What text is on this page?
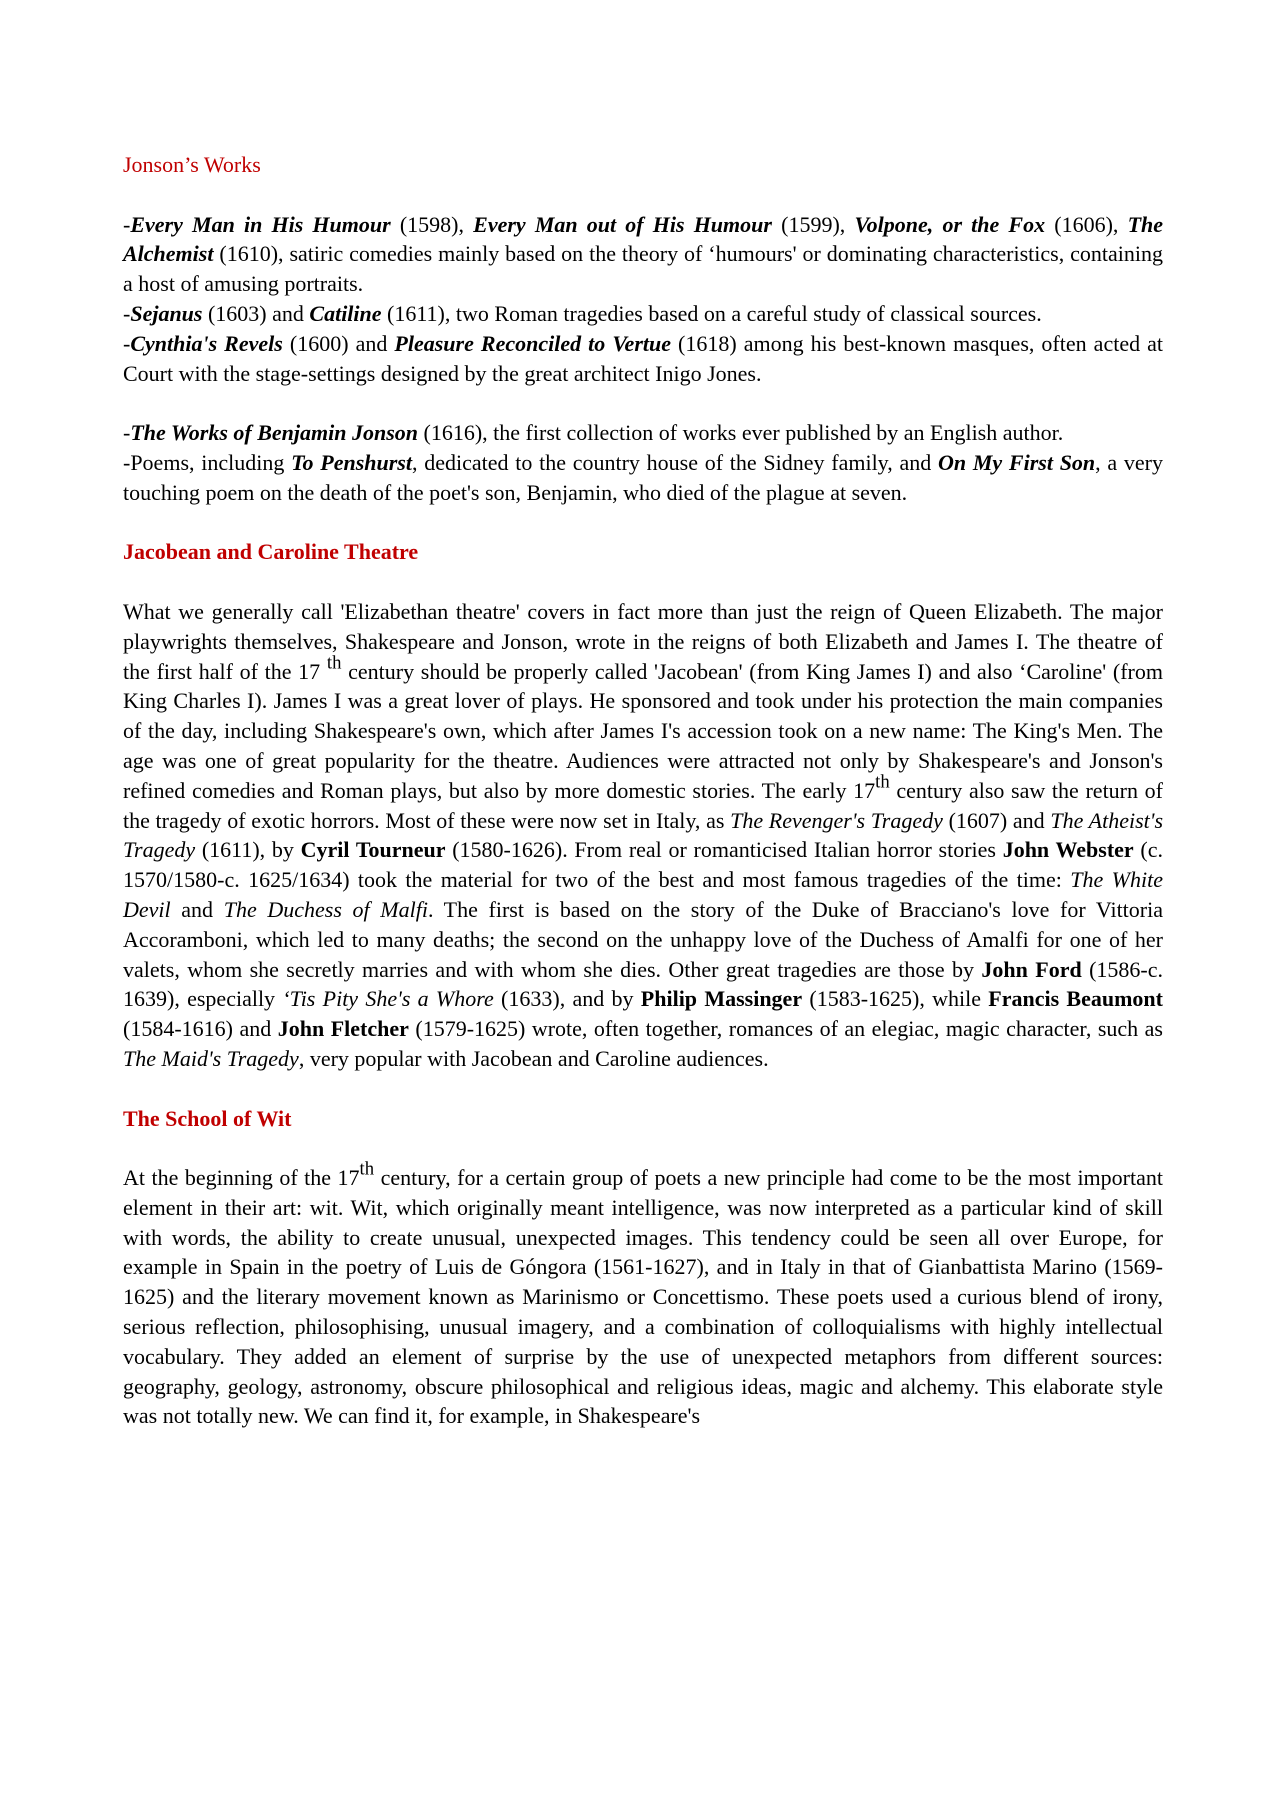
Jonson’s Works

-Every Man in His Humour (1598), Every Man out of His Humour (1599), Volpone, or the Fox (1606), The Alchemist (1610), satiric comedies mainly based on the theory of ‘humours' or dominating characteristics, containing a host of amusing portraits.

-Sejanus (1603) and Catiline (1611), two Roman tragedies based on a careful study of classical sources.

-Cynthia's Revels (1600) and Pleasure Reconciled to Vertue (1618) among his best-known masques, often acted at Court with the stage-settings designed by the great architect Inigo Jones.

-The Works of Benjamin Jonson (1616), the first collection of works ever published by an English author.

-Poems, including To Penshurst, dedicated to the country house of the Sidney family, and On My First Son, a very touching poem on the death of the poet's son, Benjamin, who died of the plague at seven.

Jacobean and Caroline Theatre

What we generally call 'Elizabethan theatre' covers in fact more than just the reign of Queen Elizabeth. The major playwrights themselves, Shakespeare and Jonson, wrote in the reigns of both Elizabeth and James I. The theatre of the first half of the 17 $^{th}$ century should be properly called 'Jacobean' (from King James I) and also ‘Caroline' (from King Charles I). James I was a great lover of plays. He sponsored and took under his protection the main companies of the day, including Shakespeare's own, which after James I's accession took on a new name: The King's Men. The age was one of great popularity for the theatre. Audiences were attracted not only by Shakespeare's and Jonson's refined comedies and Roman plays, but also by more domestic stories. The early 17th century also saw the return of the tragedy of exotic horrors. Most of these were now set in Italy, as The Revenger's Tragedy (1607) and The Atheist's Tragedy (1611), by Cyril Tourneur (1580-1626). From real or romanticised Italian horror stories John Webster (c. 1570/1580-c. 1625/1634) took the material for two of the best and most famous tragedies of the time: The White Devil and The Duchess of Malfi. The first is based on the story of the Duke of Bracciano's love for Vittoria Accoramboni, which led to many deaths; the second on the unhappy love of the Duchess of Amalfi for one of her valets, whom she secretly marries and with whom she dies. Other great tragedies are those by John Ford (1586-c. 1639), especially ‘Tis Pity She's a Whore (1633), and by Philip Massinger (1583-1625), while Francis Beaumont (1584-1616) and John Fletcher (1579-1625) wrote, often together, romances of an elegiac, magic character, such as The Maid's Tragedy, very popular with Jacobean and Caroline audiences.

The School of Wit

At the beginning of the 17th century, for a certain group of poets a new principle had come to be the most important element in their art: wit. Wit, which originally meant intelligence, was now interpreted as a particular kind of skill with words, the ability to create unusual, unexpected images. This tendency could be seen all over Europe, for example in Spain in the poetry of Luis de Góngora (1561-1627), and in Italy in that of Gianbattista Marino (1569-1625) and the literary movement known as Marinismo or Concettismo. These poets used a curious blend of irony, serious reflection, philosophising, unusual imagery, and a combination of colloquialisms with highly intellectual vocabulary. They added an element of surprise by the use of unexpected metaphors from different sources: geography, geology, astronomy, obscure philosophical and religious ideas, magic and alchemy. This elaborate style was not totally new. We can find it, for example, in Shakespeare's
